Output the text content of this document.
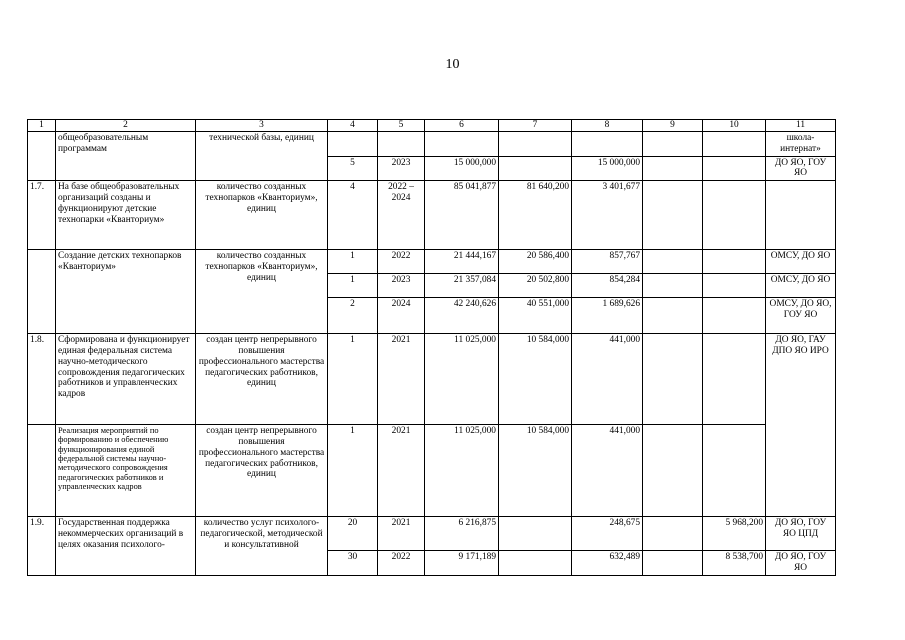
10
1	2	3	4	5	6	7	8	9	10	11
	общеобразовательным программам	технической базы, единиц								школа-интернат»
			5	2023	15 000,000		15 000,000			ДО ЯО, ГОУ ЯО
1.7.	На базе общеобразовательных организаций созданы и функционируют детские технопарки «Кванториум»	количество созданных технопарков «Кванториум», единиц	4	2022 – 2024	85 041,877	81 640,200	3 401,677			
	Создание детских технопарков «Кванториум»	количество созданных технопарков «Кванториум», единиц	1	2022	21 444,167	20 586,400	857,767			ОМСУ, ДО ЯО
			1	2023	21 357,084	20 502,800	854,284			ОМСУ, ДО ЯО
			2	2024	42 240,626	40 551,000	1 689,626			ОМСУ, ДО ЯО, ГОУ ЯО
1.8.	Сформирована и функционирует единая федеральная система научно-методического сопровождения педагогических работников и управленческих кадров	создан центр непрерывного повышения профессионального мастерства педагогических работников, единиц	1	2021	11 025,000	10 584,000	441,000			ДО ЯО, ГАУ ДПО ЯО ИРО
	Реализация мероприятий по формированию и обеспечению функционирования единой федеральной системы научно-методического сопровождения педагогических работников и управленческих кадров	создан центр непрерывного повышения профессионального мастерства педагогических работников, единиц	1	2021	11 025,000	10 584,000	441,000			
1.9.	Государственная поддержка некоммерческих организаций в целях оказания психолого-	количество услуг психолого-педагогической, методической и консультативной	20	2021	6 216,875		248,675		5 968,200	ДО ЯО, ГОУ ЯО ЦПД
			30	2022	9 171,189		632,489		8 538,700	ДО ЯО, ГОУ ЯО
